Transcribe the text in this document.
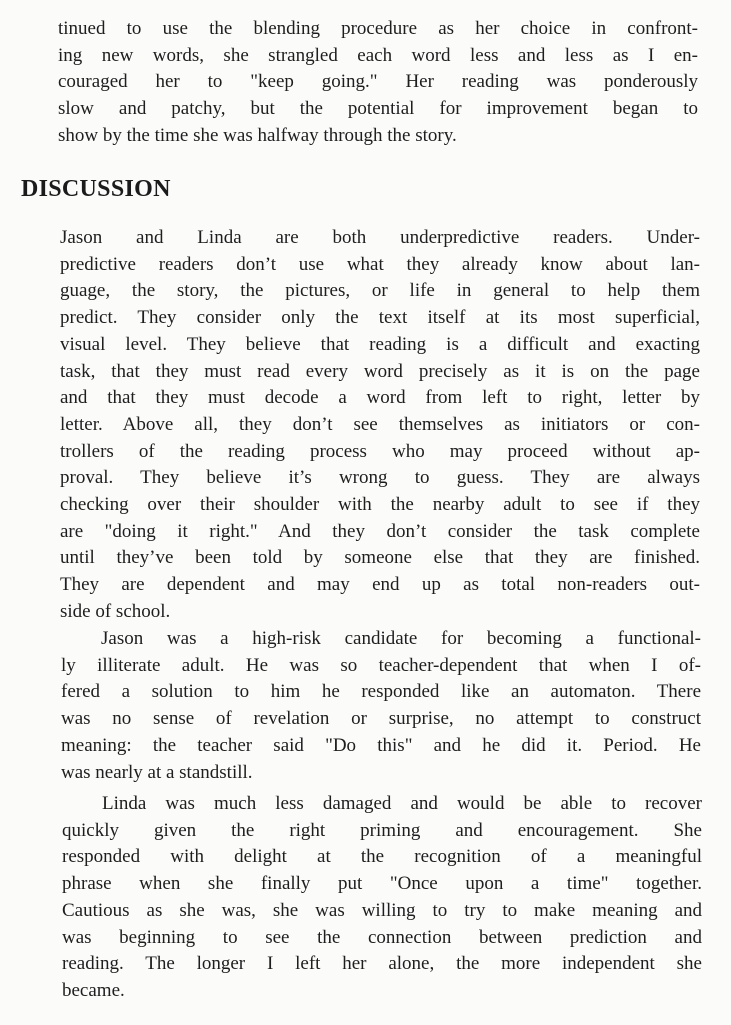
tinued to use the blending procedure as her choice in confront-
ing new words, she strangled each word less and less as I en-
couraged her to "keep going." Her reading was ponderously
slow and patchy, but the potential for improvement began to
show by the time she was halfway through the story.
DISCUSSION
Jason and Linda are both underpredictive readers. Under-
predictive readers don’t use what they already know about lan-
guage, the story, the pictures, or life in general to help them
predict. They consider only the text itself at its most superficial,
visual level. They believe that reading is a difficult and exacting
task, that they must read every word precisely as it is on the page
and that they must decode a word from left to right, letter by
letter. Above all, they don’t see themselves as initiators or con-
trollers of the reading process who may proceed without ap-
proval. They believe it’s wrong to guess. They are always
checking over their shoulder with the nearby adult to see if they
are "doing it right." And they don’t consider the task complete
until they’ve been told by someone else that they are finished.
They are dependent and may end up as total non-readers out-
side of school.
Jason was a high-risk candidate for becoming a functional-
ly illiterate adult. He was so teacher-dependent that when I of-
fered a solution to him he responded like an automaton. There
was no sense of revelation or surprise, no attempt to construct
meaning: the teacher said "Do this" and he did it. Period. He
was nearly at a standstill.
Linda was much less damaged and would be able to recover
quickly given the right priming and encouragement. She
responded with delight at the recognition of a meaningful
phrase when she finally put "Once upon a time" together.
Cautious as she was, she was willing to try to make meaning and
was beginning to see the connection between prediction and
reading. The longer I left her alone, the more independent she
became.
